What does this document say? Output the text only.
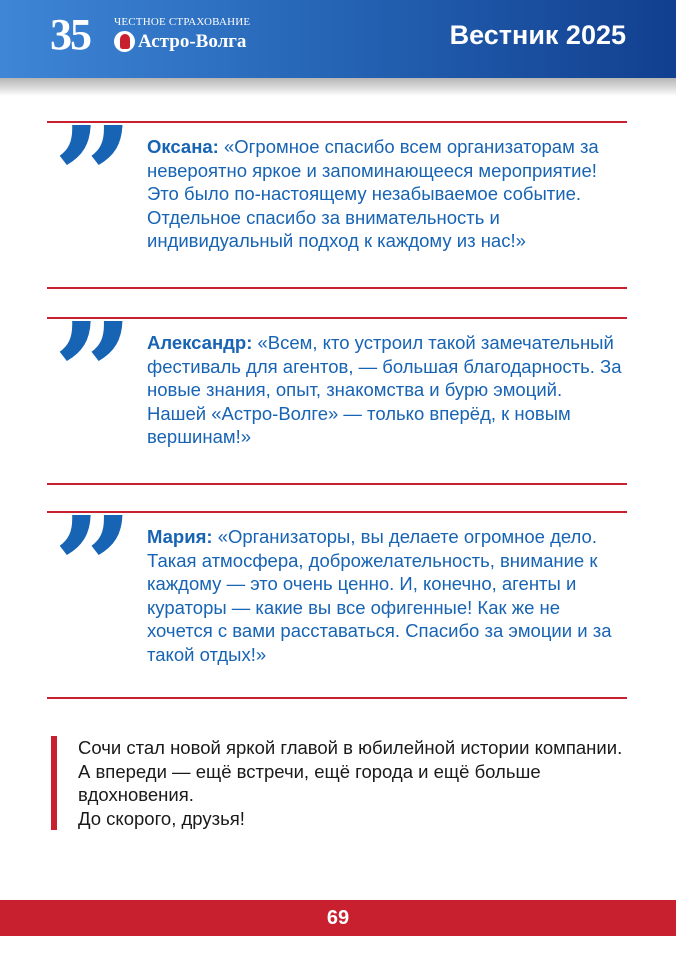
35 ЧЕСТНОЕ СТРАХОВАНИЕ
Астро-Волга	Вестник 2025
” Оксана: «Огромное спасибо всем организаторам за невероятно яркое и запоминающееся мероприятие! Это было по-настоящему незабываемое событие. Отдельное спасибо за внимательность и индивидуальный подход к каждому из нас!»
” Александр: «Всем, кто устроил такой замечательный фестиваль для агентов, — большая благодарность. За новые знания, опыт, знакомства и бурю эмоций. Нашей «Астро-Волге» — только вперёд, к новым вершинам!»
” Мария: «Организаторы, вы делаете огромное дело. Такая атмосфера, доброжелательность, внимание к каждому — это очень ценно. И, конечно, агенты и кураторы — какие вы все офигенные! Как же не хочется с вами расставаться. Спасибо за эмоции и за такой отдых!»

Сочи стал новой яркой главой в юбилейной истории компании. А впереди — ещё встречи, ещё города и ещё больше вдохновения.

До скорого, друзья!

69
